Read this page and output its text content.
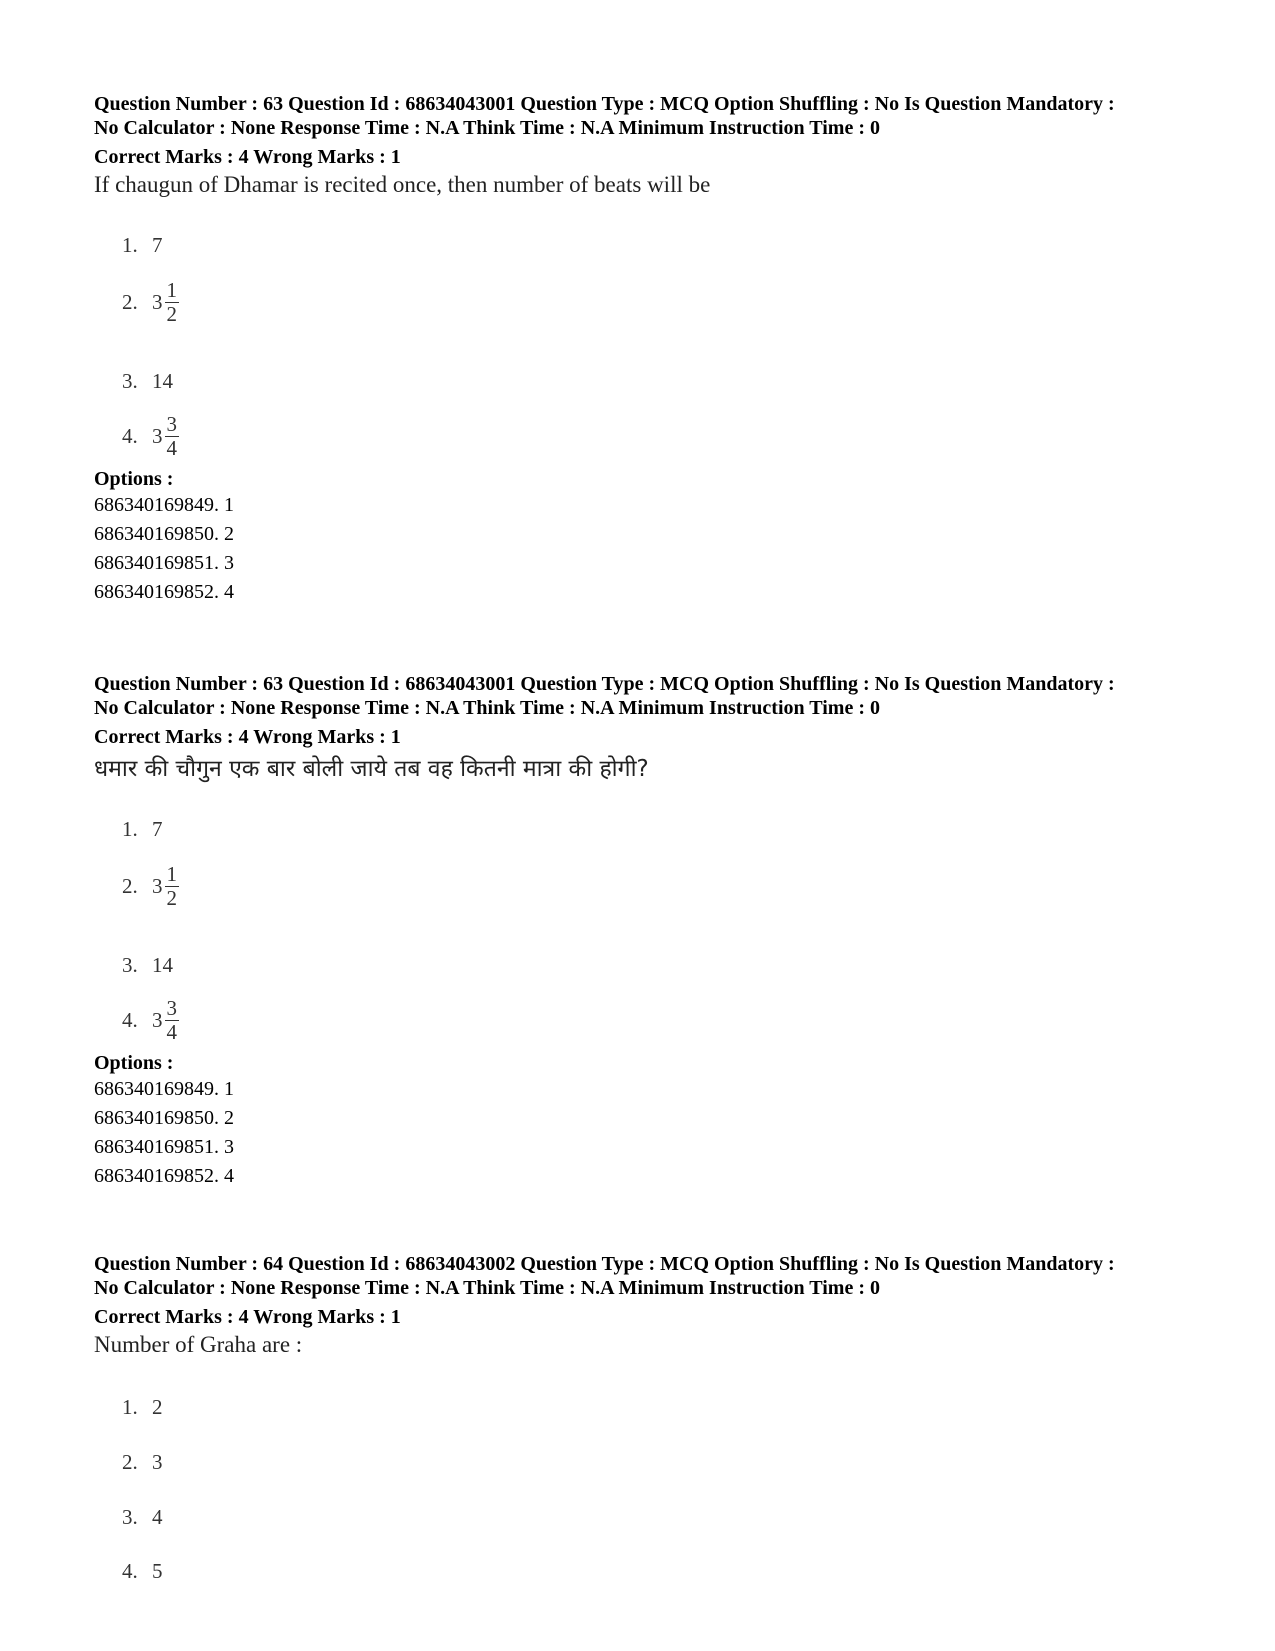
Question Number : 63 Question Id : 68634043001 Question Type : MCQ Option Shuffling : No Is Question Mandatory :

No Calculator : None Response Time : N.A Think Time : N.A Minimum Instruction Time : 0

Correct Marks : 4 Wrong Marks : 1
If chaugun of Dhamar is recited once, then number of beats will be
1. 7
2. $3 \frac{1}{2}$
3. 14
4. $3 \frac{3}{4}$
Options :
686340169849. 1
686340169850. 2
686340169851. 3
686340169852. 4

Question Number : 63 Question Id : 68634043001 Question Type : MCQ Option Shuffling : No Is Question Mandatory :

No Calculator : None Response Time : N.A Think Time : N.A Minimum Instruction Time : 0

Correct Marks : 4 Wrong Marks : 1
धमार की चौगुन एक बार बोली जाये तब वह कितनी मात्रा की होगी?
1. 7
2. $3 \frac{1}{2}$
3. 14
4. $3 \frac{3}{4}$
Options :
686340169849. 1
686340169850. 2
686340169851. 3
686340169852. 4

Question Number : 64 Question Id : 68634043002 Question Type : MCQ Option Shuffling : No Is Question Mandatory :

No Calculator : None Response Time : N.A Think Time : N.A Minimum Instruction Time : 0

Correct Marks : 4 Wrong Marks : 1
Number of Graha are :
1. 2
2. 3
3. 4
4. 5
